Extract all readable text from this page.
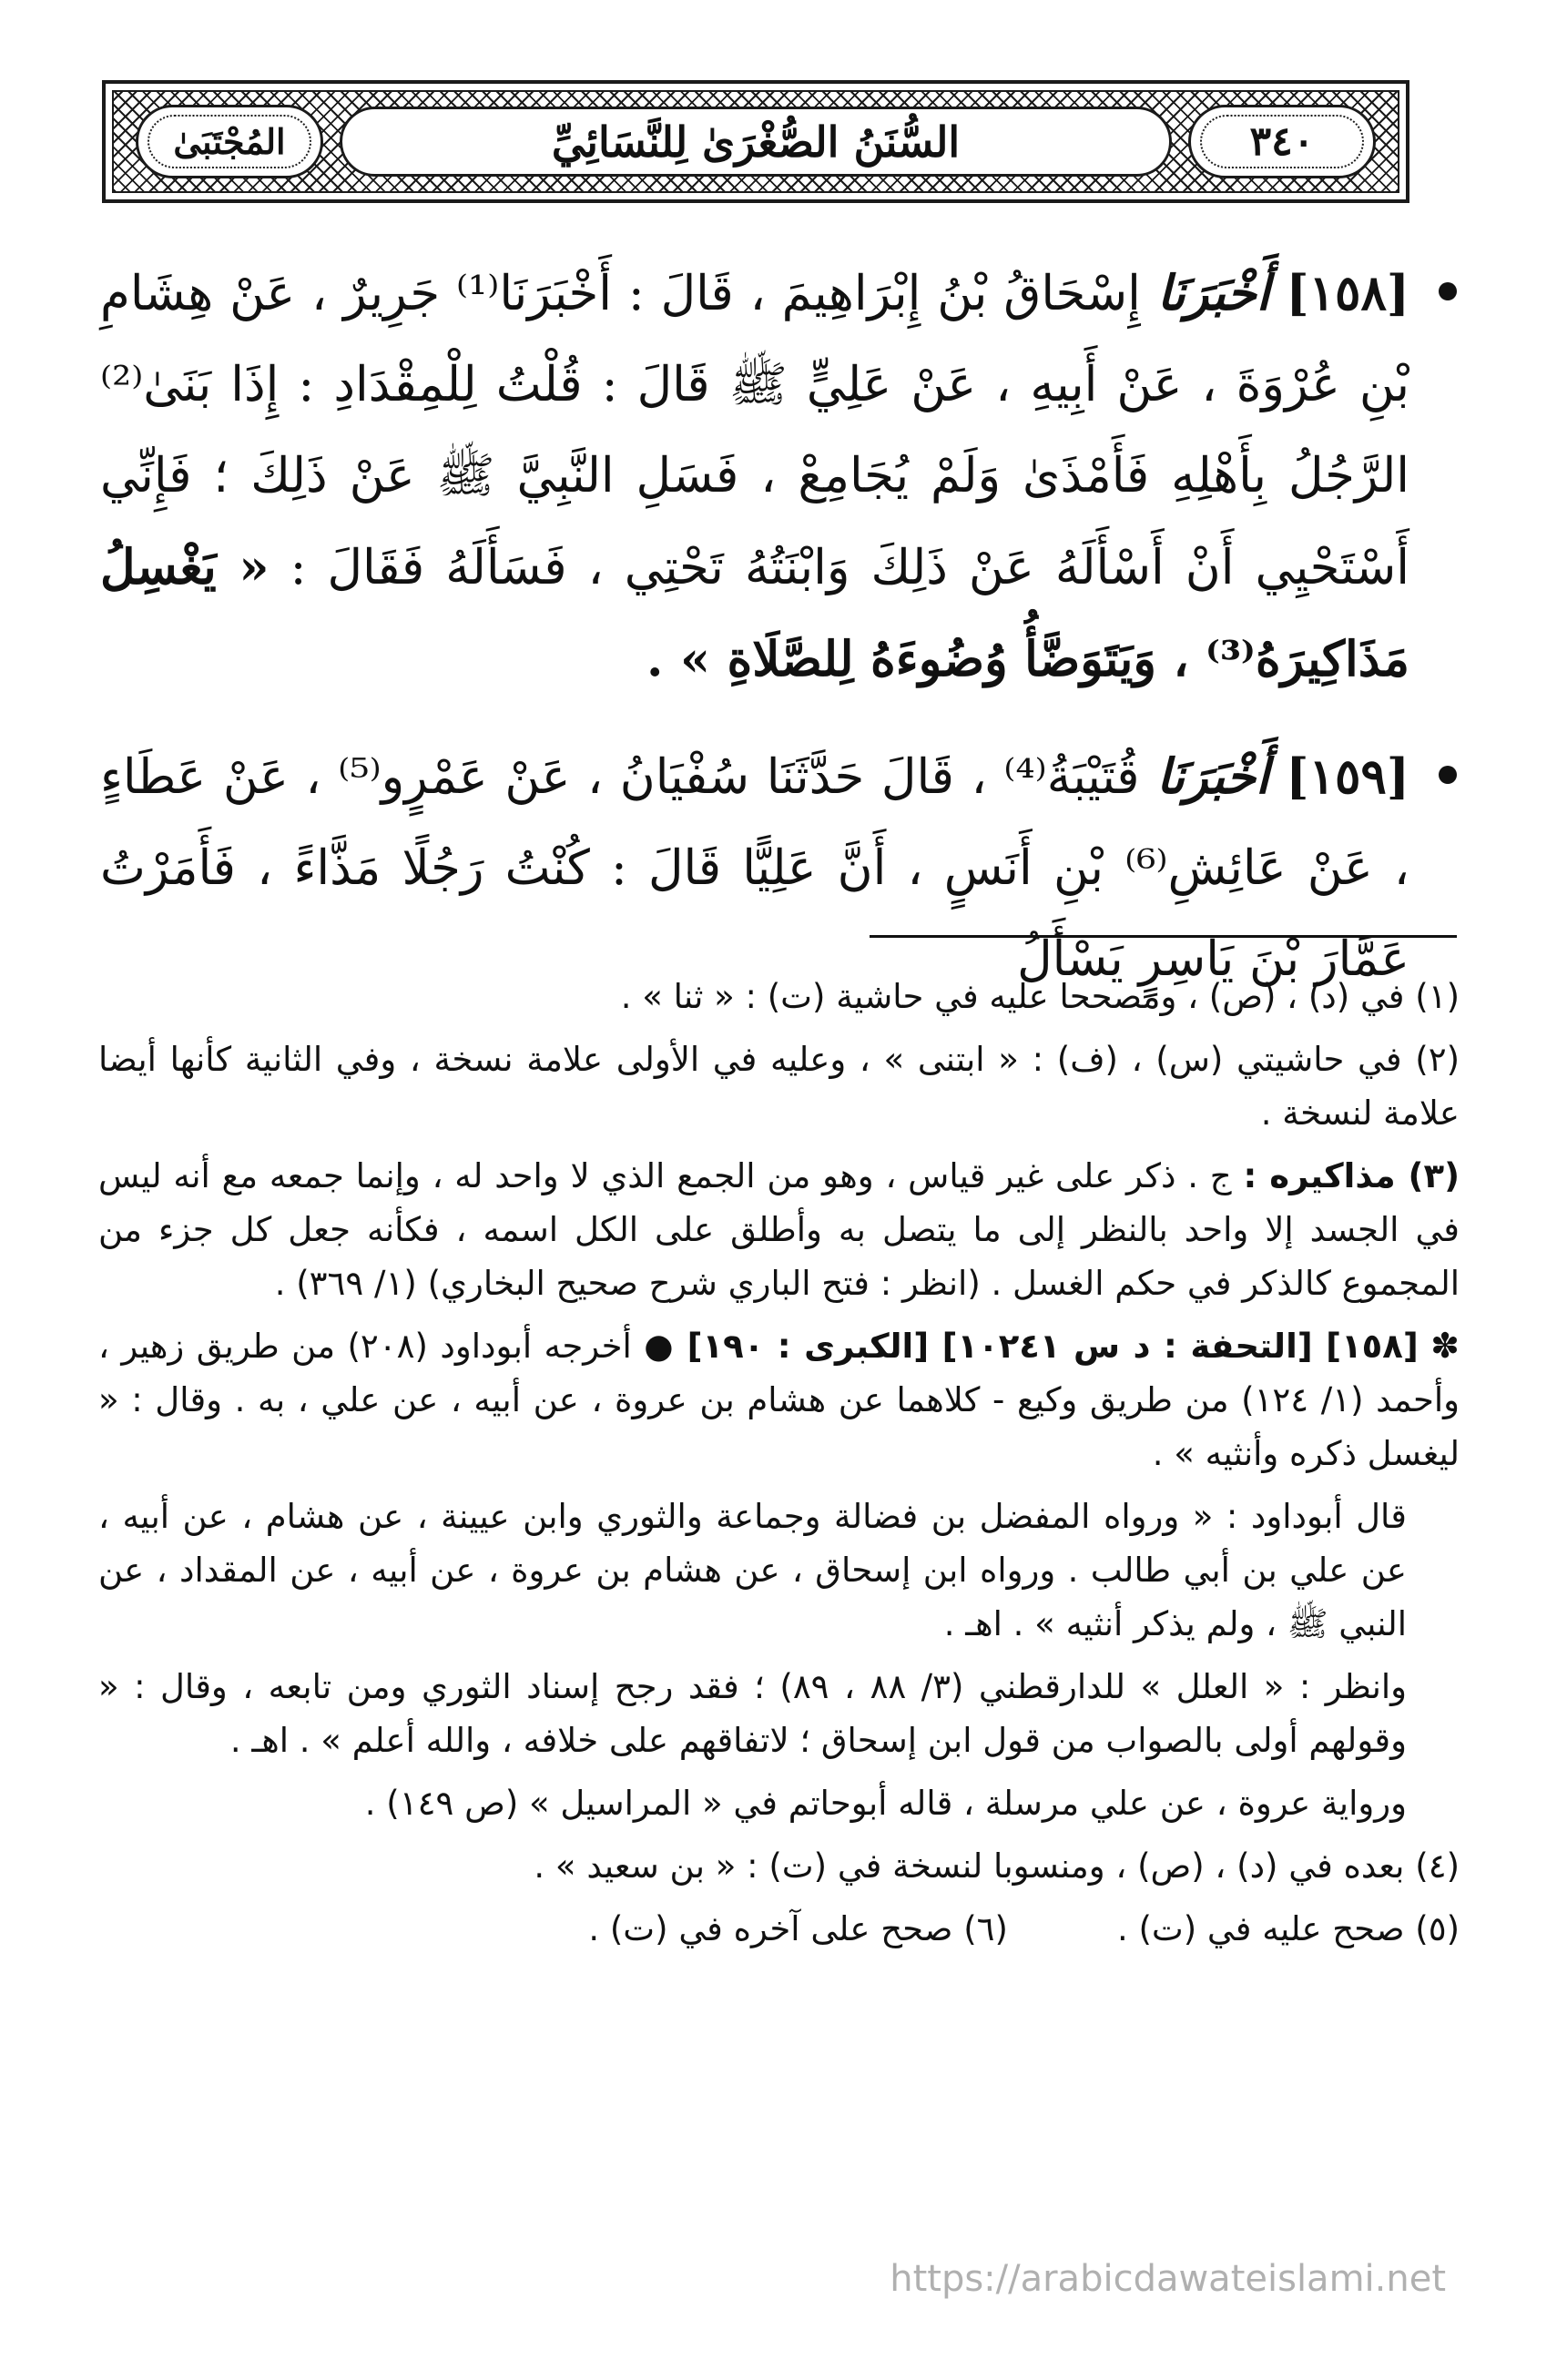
٣٤٠
السُّنَنُ الصُّغْرَىٰ لِلنَّسَائِيِّ
المُجْتَبَىٰ
[١٥٨] أَخْبَرَنَا إِسْحَاقُ بْنُ إِبْرَاهِيمَ ، قَالَ : أَخْبَرَنَا⁽¹⁾ جَرِيرٌ ، عَنْ هِشَامِ بْنِ عُرْوَةَ ، عَنْ أَبِيهِ ، عَنْ عَلِيٍّ ﷺ قَالَ : قُلْتُ لِلْمِقْدَادِ : إِذَا بَنَىٰ⁽²⁾ الرَّجُلُ بِأَهْلِهِ فَأَمْذَىٰ وَلَمْ يُجَامِعْ ، فَسَلِ النَّبِيَّ ﷺ عَنْ ذَلِكَ ؛ فَإِنِّي أَسْتَحْيِي أَنْ أَسْأَلَهُ عَنْ ذَلِكَ وَابْنَتُهُ تَحْتِي ، فَسَأَلَهُ فَقَالَ : « يَغْسِلُ مَذَاكِيرَهُ⁽³⁾ ، وَيَتَوَضَّأُ وُضُوءَهُ لِلصَّلَاةِ » .
[١٥٩] أَخْبَرَنَا قُتَيْبَةُ⁽⁴⁾ ، قَالَ حَدَّثَنَا سُفْيَانُ ، عَنْ عَمْرٍو⁽⁵⁾ ، عَنْ عَطَاءٍ ، عَنْ عَائِشِ⁽⁶⁾ بْنِ أَنَسٍ ، أَنَّ عَلِيًّا قَالَ : كُنْتُ رَجُلًا مَذَّاءً ، فَأَمَرْتُ عَمَّارَ بْنَ يَاسِرٍ يَسْأَلُ

(١) في (د) ، (ص) ، ومصححا عليه في حاشية (ت) : « ثنا » .

(٢) في حاشيتي (س) ، (ف) : « ابتنى » ، وعليه في الأولى علامة نسخة ، وفي الثانية كأنها أيضا علامة لنسخة .

(٣) مذاكيره : ج . ذكر على غير قياس ، وهو من الجمع الذي لا واحد له ، وإنما جمعه مع أنه ليس في الجسد إلا واحد بالنظر إلى ما يتصل به وأطلق على الكل اسمه ، فكأنه جعل كل جزء من المجموع كالذكر في حكم الغسل . (انظر : فتح الباري شرح صحيح البخاري) (١/ ٣٦٩) .

✽ [١٥٨] [التحفة : د س ١٠٢٤١] [الكبرى : ١٩٠] ● أخرجه أبوداود (٢٠٨) من طريق زهير ، وأحمد (١/ ١٢٤) من طريق وكيع - كلاهما عن هشام بن عروة ، عن أبيه ، عن علي ، به . وقال : « ليغسل ذكره وأنثيه » .

قال أبوداود : « ورواه المفضل بن فضالة وجماعة والثوري وابن عيينة ، عن هشام ، عن أبيه ، عن علي بن أبي طالب . ورواه ابن إسحاق ، عن هشام بن عروة ، عن أبيه ، عن المقداد ، عن النبي ﷺ ، ولم يذكر أنثيه » . اهـ .

وانظر : « العلل » للدارقطني (٣/ ٨٨ ، ٨٩) ؛ فقد رجح إسناد الثوري ومن تابعه ، وقال : « وقولهم أولى بالصواب من قول ابن إسحاق ؛ لاتفاقهم على خلافه ، والله أعلم » . اهـ .

ورواية عروة ، عن علي مرسلة ، قاله أبوحاتم في « المراسيل » (ص ١٤٩) .

(٤) بعده في (د) ، (ص) ، ومنسوبا لنسخة في (ت) : « بن سعيد » .

(٥) صحح عليه في (ت) .
(٦) صحح على آخره في (ت) .
https://arabicdawateislami.net
